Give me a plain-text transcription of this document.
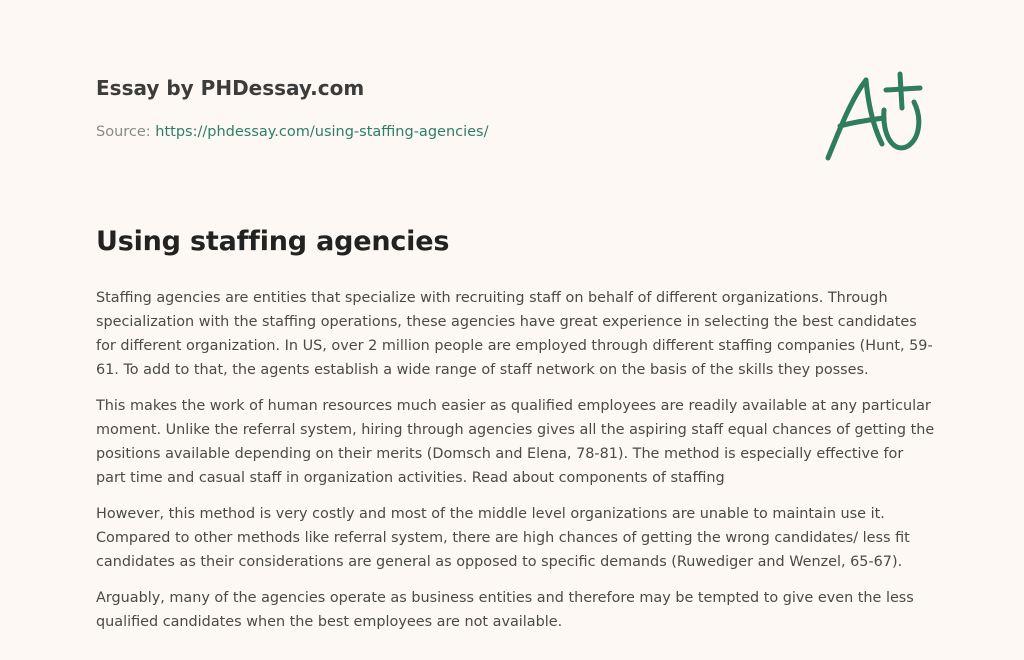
Essay by PHDessay.com
Source: https://phdessay.com/using-staffing-agencies/
Using staffing agencies

Staffing agencies are entities that specialize with recruiting staff on behalf of different organizations. Through specialization with the staffing operations, these agencies have great experience in selecting the best candidates for different organization. In US, over 2 million people are employed through different staffing companies (Hunt, 59-61. To add to that, the agents establish a wide range of staff network on the basis of the skills they posses.

This makes the work of human resources much easier as qualified employees are readily available at any particular moment. Unlike the referral system, hiring through agencies gives all the aspiring staff equal chances of getting the positions available depending on their merits (Domsch and Elena, 78-81). The method is especially effective for part time and casual staff in organization activities. Read about components of staffing

However, this method is very costly and most of the middle level organizations are unable to maintain use it. Compared to other methods like referral system, there are high chances of getting the wrong candidates/ less fit candidates as their considerations are general as opposed to specific demands (Ruwediger and Wenzel, 65-67).

Arguably, many of the agencies operate as business entities and therefore may be tempted to give even the less qualified candidates when the best employees are not available.
